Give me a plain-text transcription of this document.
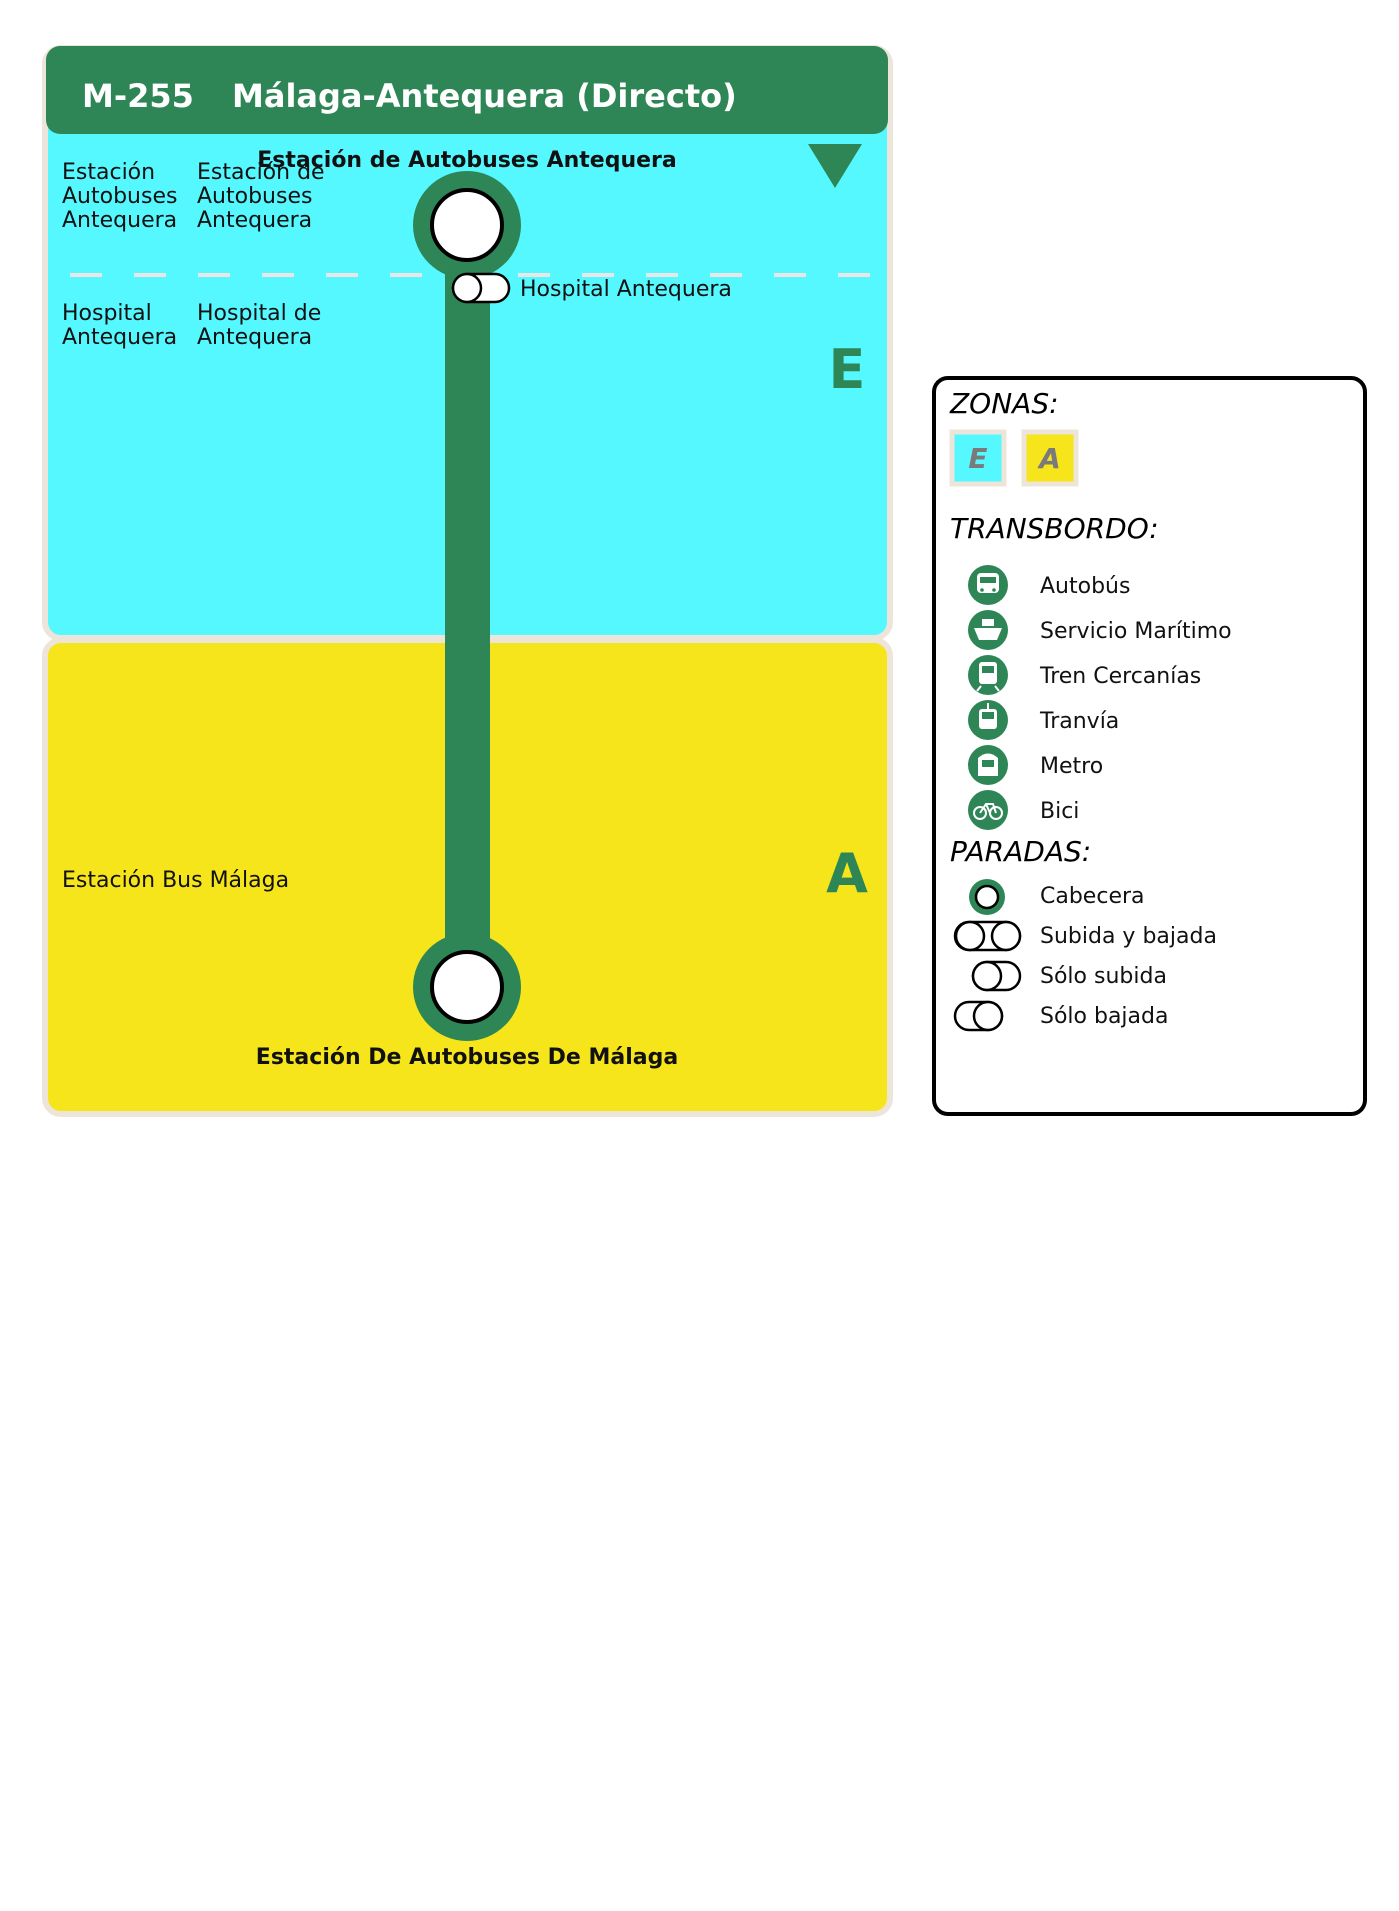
M-255 Málaga-Antequera (Directo)
Estación Autobuses Antequera
Estación de Autobuses Antequera
Hospital Antequera
Hospital de Antequera
Estación Bus Málaga
E
A
Estación de Autobuses Antequera
Hospital Antequera
Estación De Autobuses De Málaga
ZONAS:
E A
TRANSBORDO:
Autobús
Servicio Marítimo
Tren Cercanías
Tranvía
Metro
Bici
PARADAS:
Cabecera
Subida y bajada
Sólo subida
Sólo bajada
